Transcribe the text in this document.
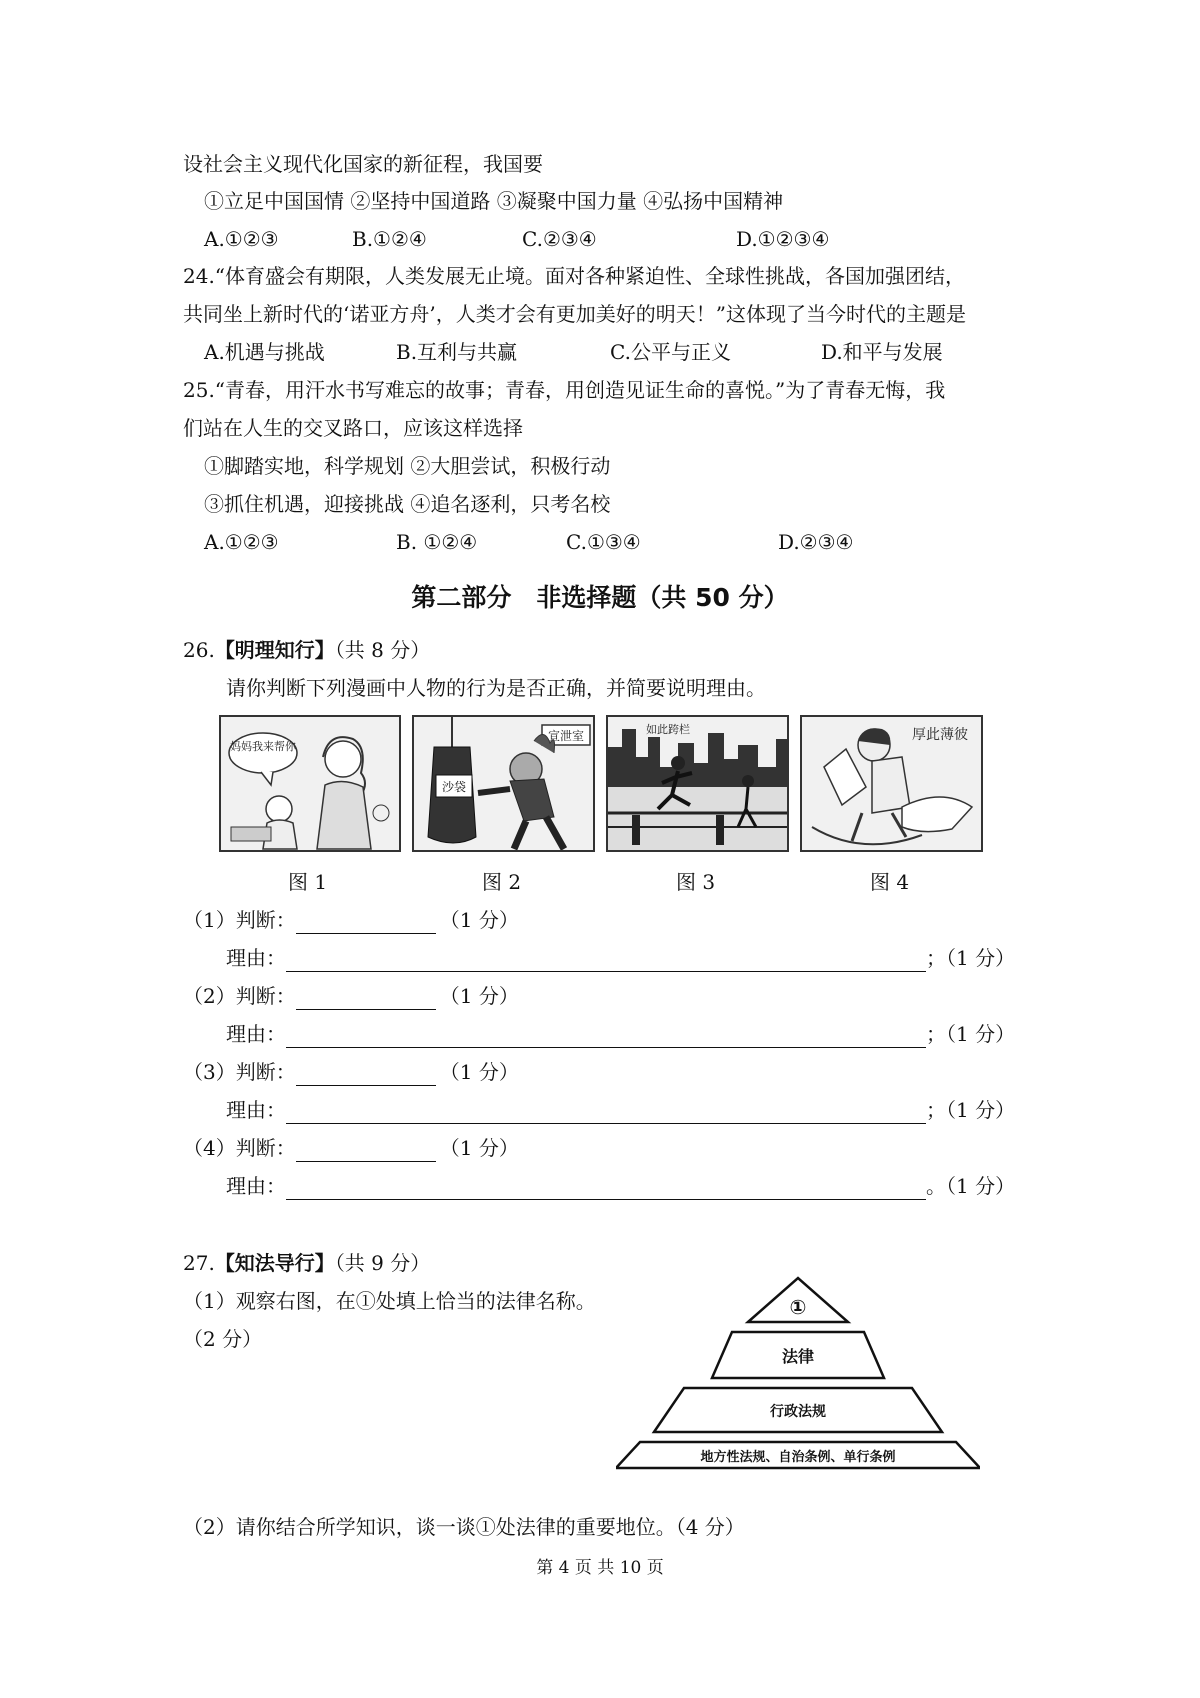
设社会主义现代化国家的新征程，我国要
①立足中国国情 ②坚持中国道路 ③凝聚中国力量 ④弘扬中国精神
A.①②③	B.①②④	C.②③④	D.①②③④
24.“体育盛会有期限，人类发展无止境。面对各种紧迫性、全球性挑战，各国加强团结，
共同坐上新时代的‘诺亚方舟’，人类才会有更加美好的明天！”这体现了当今时代的主题是
A.机遇与挑战	B.互利与共赢	C.公平与正义	D.和平与发展
25.“青春，用汗水书写难忘的故事；青春，用创造见证生命的喜悦。”为了青春无悔，我
们站在人生的交叉路口，应该这样选择
①脚踏实地，科学规划 ②大胆尝试，积极行动
③抓住机遇，迎接挑战 ④追名逐利，只考名校
A.①②③	B. ①②④	C.①③④	D.②③④
第二部分　非选择题（共 50 分）
26.【明理知行】（共 8 分）
请你判断下列漫画中人物的行为是否正确，并简要说明理由。
妈妈我来帮你
宣泄室
沙袋
如此跨栏	厚此薄彼
图 1	图 2	图 3	图 4
（1）判断：	（1 分）
理由：	；（1 分）
（2）判断：	（1 分）
理由：	；（1 分）
（3）判断：	（1 分）
理由：	；（1 分）
（4）判断：	（1 分）
理由：	。（1 分）
27.【知法导行】（共 9 分）
（1）观察右图，在①处填上恰当的法律名称。
（2 分）
①
法律
行政法规
地方性法规、自治条例、单行条例
（2）请你结合所学知识，谈一谈①处法律的重要地位。（4 分）
第 4 页 共 10 页
